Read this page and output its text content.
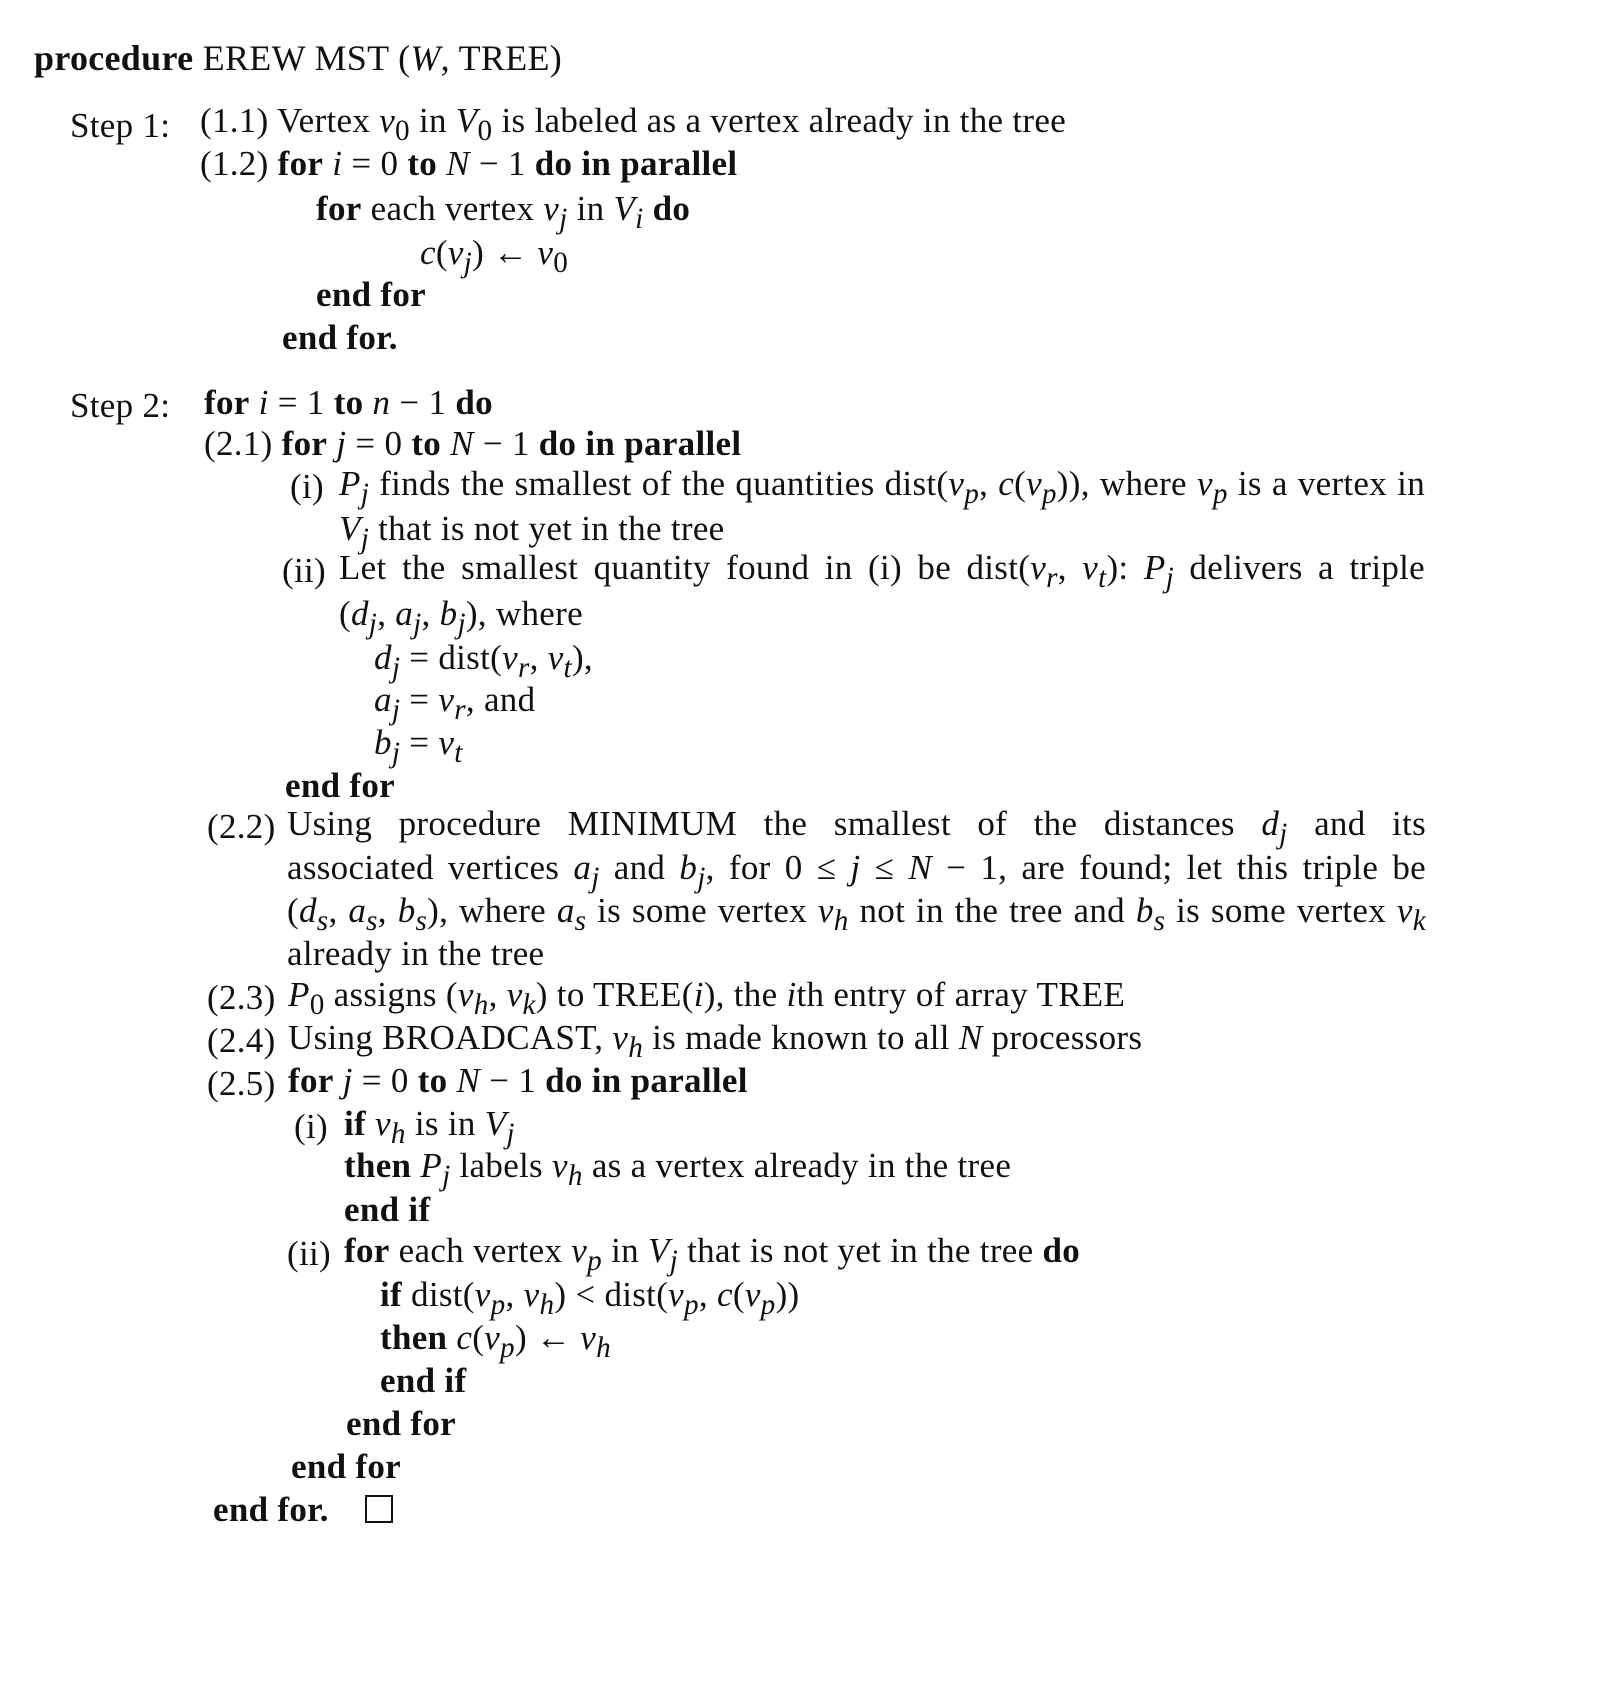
procedure EREW MST (W, TREE)
Step 1: (1.1) Vertex $v_0$ in $V_0$ is labeled as a vertex already in the tree
(1.2) for i = 0 to N − 1 do in parallel
for each vertex $v_j$ in $V_i$ do
$c(v_j)$ ← $v_0$
end for
end for.
Step 2: for i = 1 to n − 1 do
(2.1) for j = 0 to N − 1 do in parallel
(i) $P_j$ finds the smallest of the quantities $dist(v_p$, $c(v_p)$), where $v_p$ is a vertex in
$V_j$ that is not yet in the tree
(ii) Let the smallest quantity found in (i) be $dist(v_r$, $v_t$): $P_j$ delivers a triple
($d_j$, $a_j$, $b_j$), where
$d_j$ = $dist(v_r$, $v_t$),
$a_j = v_r$, and
$b_j = v_t$
end for
(2.2) Using procedure MINIMUM the smallest of the distances $d_j$ and its
associated vertices $a_j$ and $b_j$, for 0 ≤ j ≤ N − 1, are found; let this triple be
($d_s$, $a_s$, $b_s$), where $a_s$ is some vertex $v_h$ not in the tree and $b_s$ is some vertex $v_k$
already in the tree
(2.3) $P_0$ assigns ($v_h$, $v_k$) to TREE(i), the ith entry of array TREE
(2.4) Using BROADCAST, $v_h$ is made known to all N processors
(2.5) for j = 0 to N − 1 do in parallel
(i) if $v_h$ is in $V_j$
then $P_j$ labels $v_h$ as a vertex already in the tree
end if
(ii) for each vertex $v_p$ in $V_j$ that is not yet in the tree do
if $dist(v_p$, $v_h$) < $dist(v_p$, $c(v_p)$)
then $c(v_p)$ ← $v_h$
end if
end for
end for
end for.
